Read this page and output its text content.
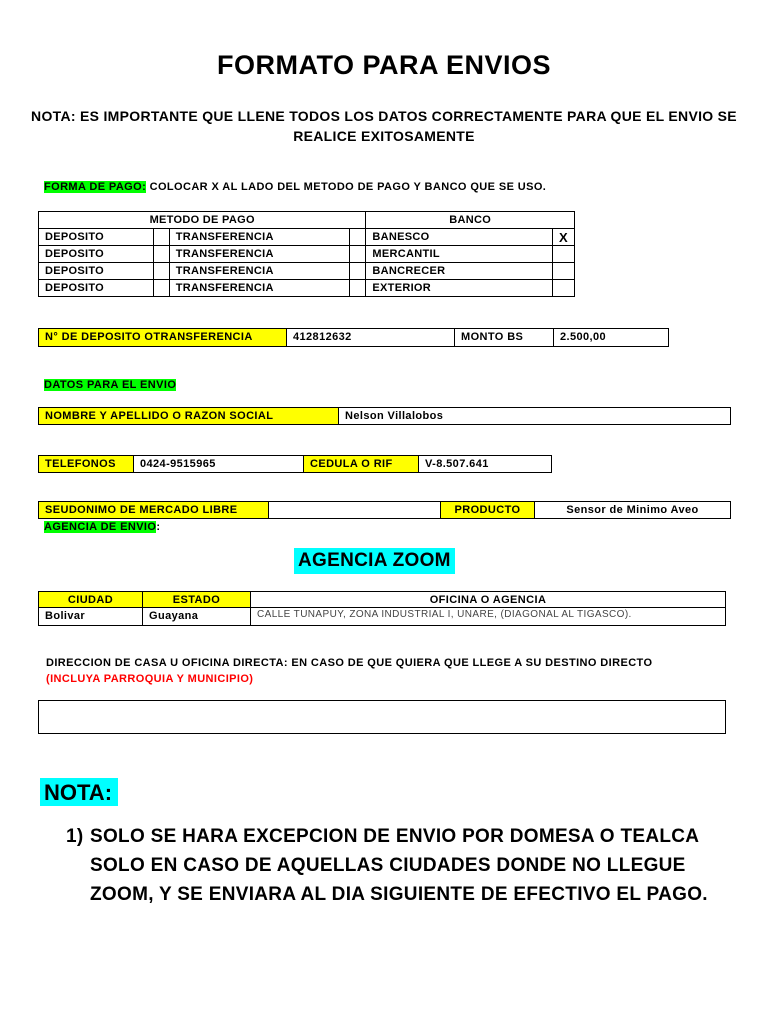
FORMATO PARA ENVIOS
NOTA: ES IMPORTANTE QUE LLENE TODOS LOS DATOS CORRECTAMENTE PARA QUE EL ENVIO SE REALICE EXITOSAMENTE
FORMA DE PAGO: COLOCAR X AL LADO DEL METODO DE PAGO Y BANCO QUE SE USO.
METODO DE PAGO				BANCO	
DEPOSITO		TRANSFERENCIA		BANESCO	X
DEPOSITO		TRANSFERENCIA		MERCANTIL	
DEPOSITO		TRANSFERENCIA		BANCRECER	
DEPOSITO		TRANSFERENCIA		EXTERIOR	
N° DE DEPOSITO OTRANSFERENCIA	412812632	MONTO BS	2.500,00
DATOS PARA EL ENVIO
NOMBRE Y APELLIDO O RAZON SOCIAL	Nelson Villalobos
TELEFONOS	0424-9515965	CEDULA O RIF	V-8.507.641
SEUDONIMO DE MERCADO LIBRE	PRODUCTO	Sensor de Minimo Aveo
AGENCIA DE ENVIO:
AGENCIA ZOOM
CIUDAD	ESTADO	OFICINA O AGENCIA
Bolivar	Guayana	CALLE TUNAPUY, ZONA INDUSTRIAL I, UNARE, (DIAGONAL AL TIGASCO).
DIRECCION DE CASA U OFICINA DIRECTA: EN CASO DE QUE QUIERA QUE LLEGE A SU DESTINO DIRECTO
(INCLUYA PARROQUIA Y MUNICIPIO)
NOTA:
1) SOLO SE HARA EXCEPCION DE ENVIO POR DOMESA O TEALCA SOLO EN CASO DE AQUELLAS CIUDADES DONDE NO LLEGUE ZOOM, Y SE ENVIARA AL DIA SIGUIENTE DE EFECTIVO EL PAGO.
